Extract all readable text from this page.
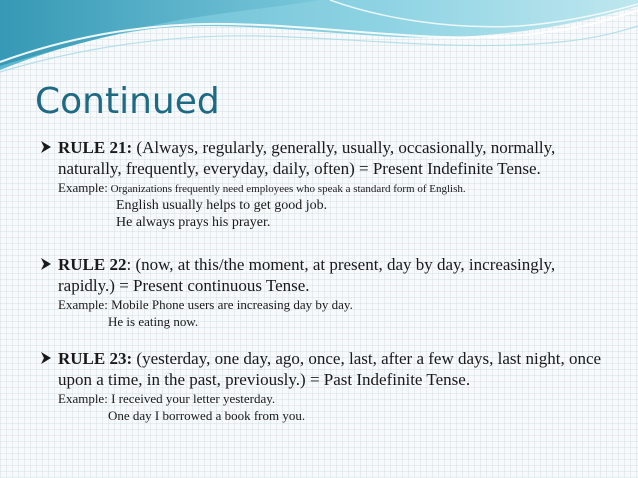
Continued
RULE 21: (Always, regularly, generally, usually, occasionally, normally, naturally, frequently, everyday, daily, often) = Present Indefinite Tense.
Example: Organizations frequently need employees who speak a standard form of English.
English usually helps to get good job.
He always prays his prayer.
RULE 22: (now, at this/the moment, at present, day by day, increasingly, rapidly.) = Present continuous Tense.
Example: Mobile Phone users are increasing day by day.
He is eating now.
RULE 23: (yesterday, one day, ago, once, last, after a few days, last night, once upon a time, in the past, previously.) = Past Indefinite Tense.
Example: I received your letter yesterday.
One day I borrowed a book from you.
